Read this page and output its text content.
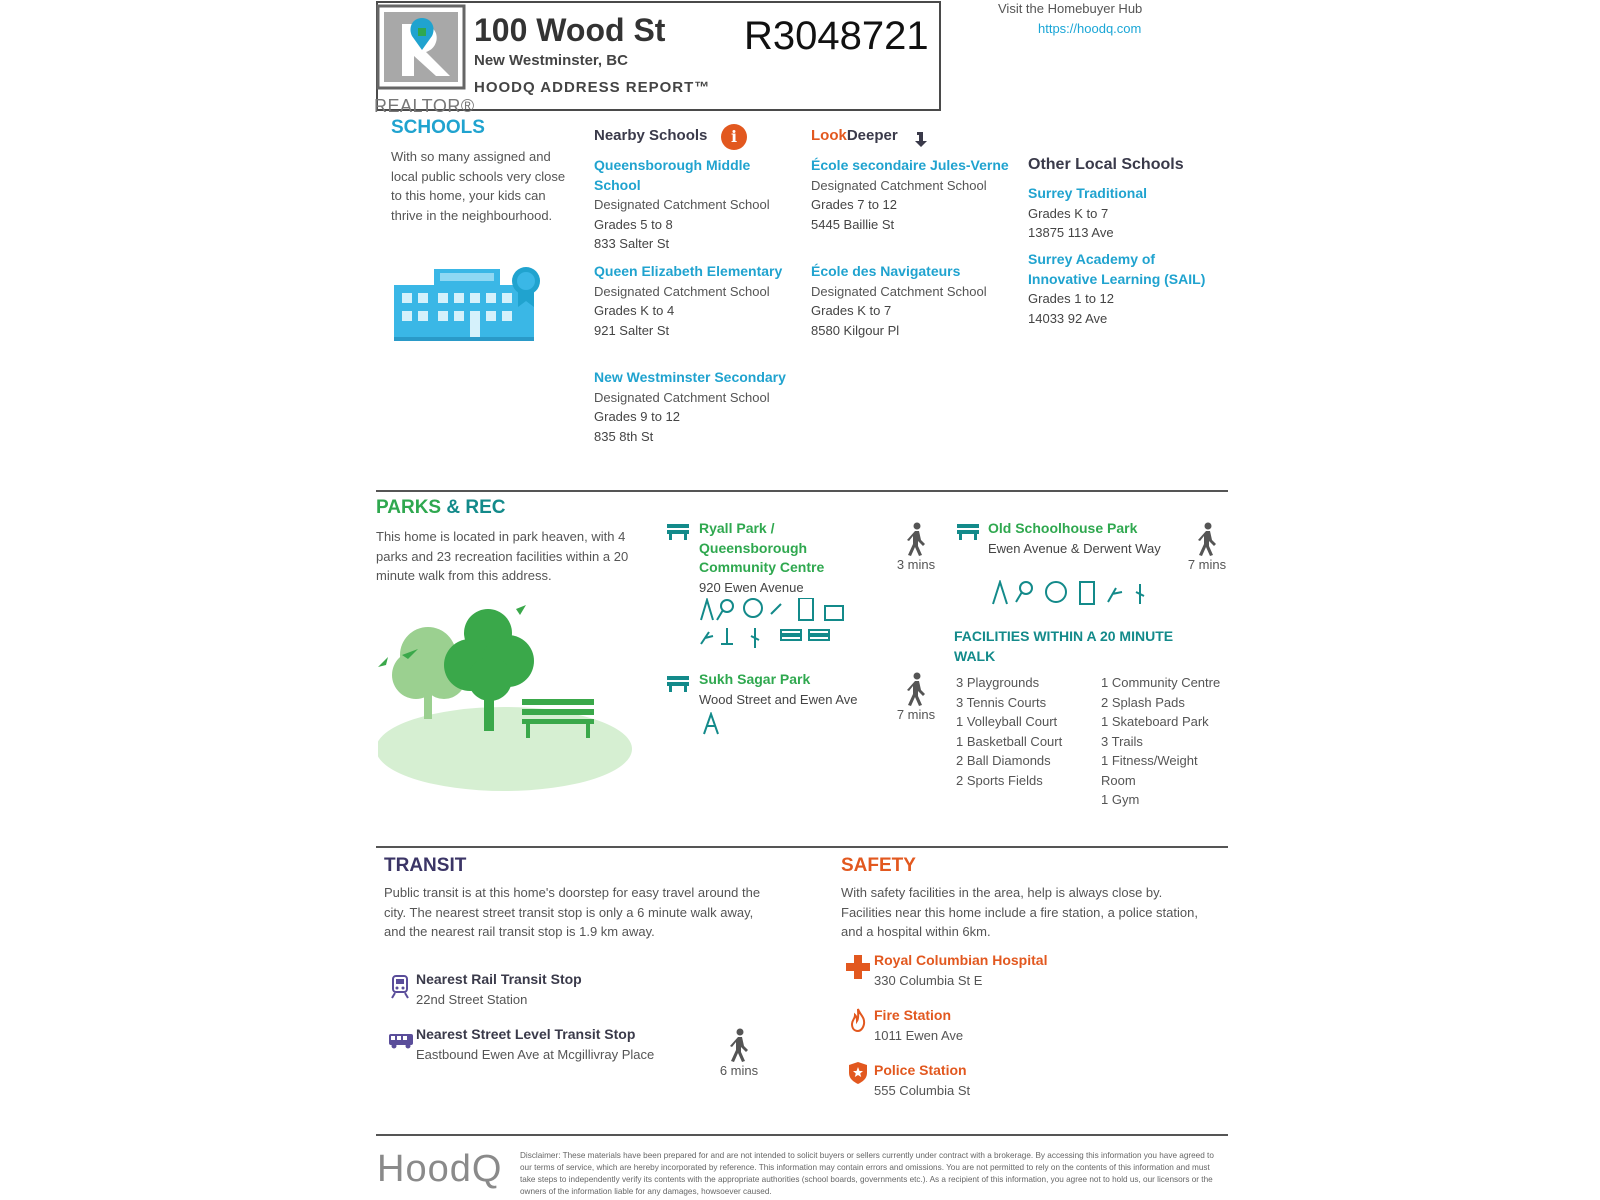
REALTOR®
100 Wood St
New Westminster, BC
HOODQ ADDRESS REPORT™
R3048721
Visit the Homebuyer Hub
https://hoodq.com
SCHOOLS
With so many assigned and local public schools very close to this home, your kids can thrive in the neighbourhood.
Nearby Schools	i
Queensborough Middle School
Designated Catchment School
Grades 5 to 8
833 Salter St
Queen Elizabeth Elementary
Designated Catchment School
Grades K to 4
921 Salter St
New Westminster Secondary
Designated Catchment School
Grades 9 to 12
835 8th St
LookDeeper
École secondaire Jules-Verne
Designated Catchment School
Grades 7 to 12
5445 Baillie St
École des Navigateurs
Designated Catchment School
Grades K to 7
8580 Kilgour Pl
Other Local Schools
Surrey Traditional
Grades K to 7
13875 113 Ave
Surrey Academy of Innovative Learning (SAIL)
Grades 1 to 12
14033 92 Ave
PARKS & REC
This home is located in park heaven, with 4 parks and 23 recreation facilities within a 20 minute walk from this address.
Ryall Park / Queensborough Community Centre
920 Ewen Avenue
3 mins
Sukh Sagar Park
Wood Street and Ewen Ave
7 mins
Old Schoolhouse Park
Ewen Avenue & Derwent Way
7 mins
FACILITIES WITHIN A 20 MINUTE WALK
3 Playgrounds
3 Tennis Courts
1 Volleyball Court
1 Basketball Court
2 Ball Diamonds
2 Sports Fields
1 Community Centre
2 Splash Pads
1 Skateboard Park
3 Trails
1 Fitness/Weight Room
1 Gym
TRANSIT
Public transit is at this home's doorstep for easy travel around the city. The nearest street transit stop is only a 6 minute walk away, and the nearest rail transit stop is 1.9 km away.
Nearest Rail Transit Stop
22nd Street Station
Nearest Street Level Transit Stop
Eastbound Ewen Ave at Mcgillivray Place
6 mins
SAFETY
With safety facilities in the area, help is always close by. Facilities near this home include a fire station, a police station, and a hospital within 6km.
Royal Columbian Hospital
330 Columbia St E
Fire Station
1011 Ewen Ave
Police Station
555 Columbia St
HoodQ Disclaimer: These materials have been prepared for and are not intended to solicit buyers or sellers currently under contract with a brokerage. By accessing this information you have agreed to our terms of service, which are hereby incorporated by reference. This information may contain errors and omissions. You are not permitted to rely on the contents of this information and must take steps to independently verify its contents with the appropriate authorities (school boards, governments etc.). As a recipient of this information, you agree not to hold us, our licensors or the owners of the information liable for any damages, howsoever caused.
